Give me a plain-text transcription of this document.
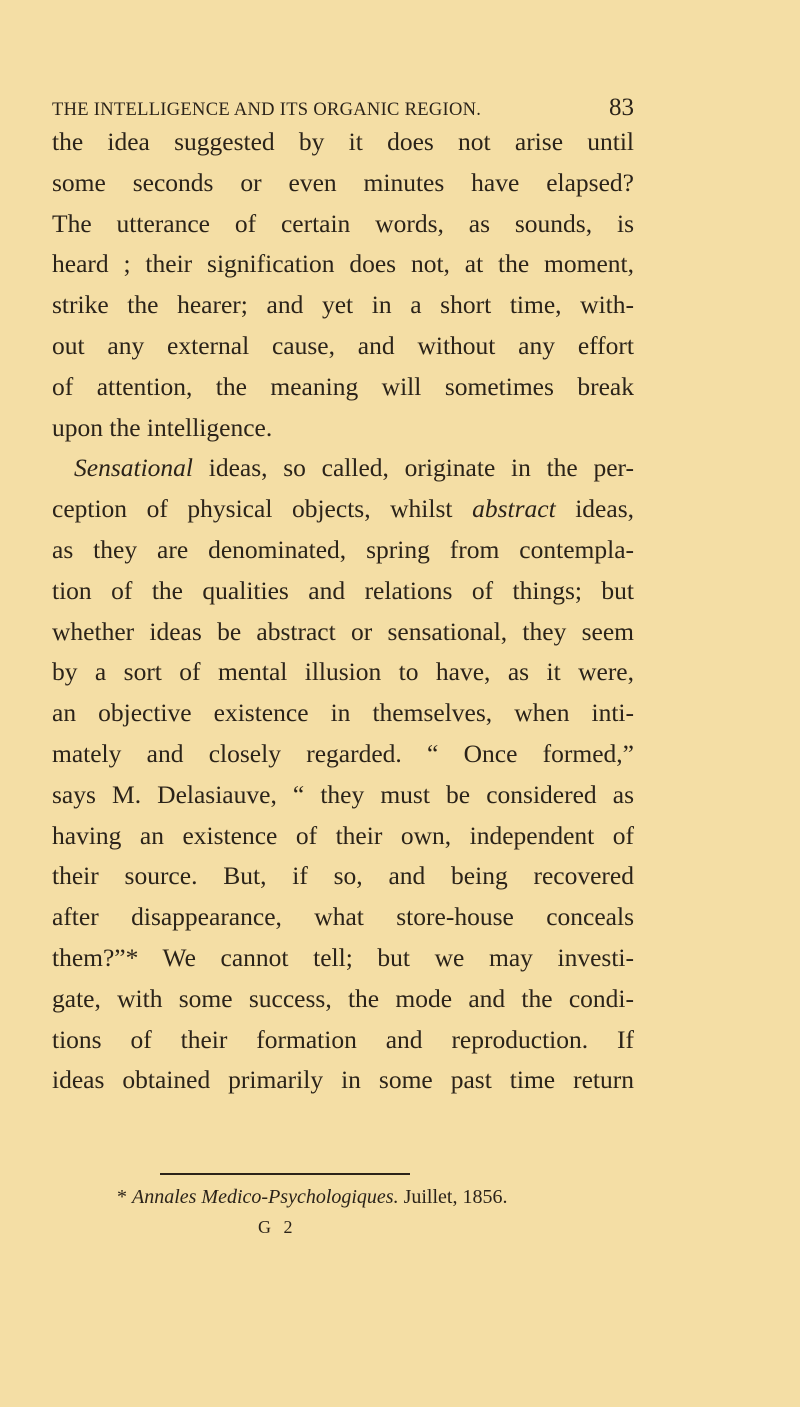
THE INTELLIGENCE AND ITS ORGANIC REGION.	83
the idea suggested by it does not arise until
some seconds or even minutes have elapsed?
The utterance of certain words, as sounds, is
heard ; their signification does not, at the moment,
strike the hearer; and yet in a short time, with-
out any external cause, and without any effort
of attention, the meaning will sometimes break
upon the intelligence.
Sensational ideas, so called, originate in the per-
ception of physical objects, whilst abstract ideas,
as they are denominated, spring from contempla-
tion of the qualities and relations of things; but
whether ideas be abstract or sensational, they seem
by a sort of mental illusion to have, as it were,
an objective existence in themselves, when inti-
mately and closely regarded. “ Once formed,”
says M. Delasiauve, “ they must be considered as
having an existence of their own, independent of
their source. But, if so, and being recovered
after disappearance, what store-house conceals
them?”* We cannot tell; but we may investi-
gate, with some success, the mode and the condi-
tions of their formation and reproduction. If
ideas obtained primarily in some past time return
* Annales Medico-Psychologiques. Juillet, 1856.
G 2
